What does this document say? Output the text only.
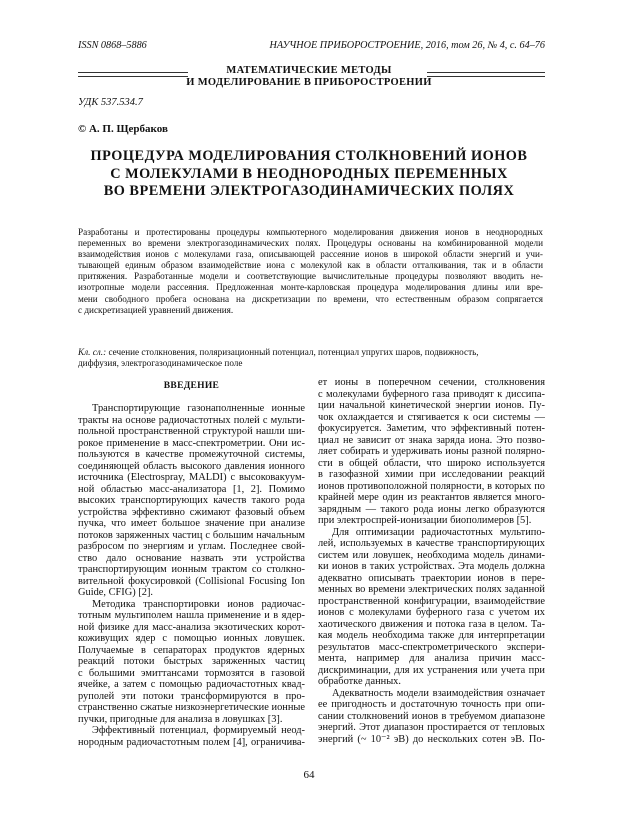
ISSN 0868–5886	НАУЧНОЕ ПРИБОРОСТРОЕНИЕ, 2016, том 26, № 4, c. 64–76
МАТЕМАТИЧЕСКИЕ МЕТОДЫ
И МОДЕЛИРОВАНИЕ В ПРИБОРОСТРОЕНИИ
УДК 537.534.7
© А. П. Щербаков
ПРОЦЕДУРА МОДЕЛИРОВАНИЯ СТОЛКНОВЕНИЙ ИОНОВ
С МОЛЕКУЛАМИ В НЕОДНОРОДНЫХ ПЕРЕМЕННЫХ
ВО ВРЕМЕНИ ЭЛЕКТРОГАЗОДИНАМИЧЕСКИХ ПОЛЯХ
Разработаны и протестированы процедуры компьютерного моделирования движения ионов в неоднородных
переменных во времени электрогазодинамических полях. Процедуры основаны на комбинированной модели
взаимодействия ионов с молекулами газа, описывающей рассеяние ионов в широкой области энергий и учи-
тывающей единым образом взаимодействие иона с молекулой как в области отталкивания, так и в области
притяжения. Разработанные модели и соответствующие вычислительные процедуры позволяют вводить не-
изотропные модели рассеяния. Предложенная монте-карловская процедура моделирования длины или вре-
мени свободного пробега основана на дискретизации по времени, что естественным образом сопрягается
с дискретизацией уравнений движения.
Кл. сл.: сечение столкновения, поляризационный потенциал, потенциал упругих шаров, подвижность,
диффузия, электрогазодинамическое поле
ВВЕДЕНИЕ
Транспортирующие газонаполненные ионные
тракты на основе радиочастотных полей с мульти-
польной пространственной структурой нашли ши-
рокое применение в масс-спектрометрии. Они ис-
пользуются в качестве промежуточной системы,
соединяющей область высокого давления ионного
источника (Electrospray, MALDI) с высоковакуум-
ной областью масс-анализатора [1, 2]. Помимо
высоких транспортирующих качеств такого рода
устройства эффективно сжимают фазовый объем
пучка, что имеет большое значение при анализе
потоков заряженных частиц с большим начальным
разбросом по энергиям и углам. Последнее свой-
ство дало основание назвать эти устройства
транспортирующим ионным трактом со столкно-
вительной фокусировкой (Collisional Focusing Ion
Guide, CFIG) [2].
Методика транспортировки ионов радиочас-
тотным мультиполем нашла применение и в ядер-
ной физике для масс-анализа экзотических корот-
коживущих ядер с помощью ионных ловушек.
Получаемые в сепараторах продуктов ядерных
реакций потоки быстрых заряженных частиц
с большими эмиттансами тормозятся в газовой
ячейке, а затем с помощью радиочастотных квад-
руполей эти потоки трансформируются в про-
странственно сжатые низкоэнергетические ионные
пучки, пригодные для анализа в ловушках [3].
Эффективный потенциал, формируемый неод-
нородным радиочастотным полем [4], ограничива-
ет ионы в поперечном сечении, столкновения
с молекулами буферного газа приводят к диссипа-
ции начальной кинетической энергии ионов. Пу-
чок охлаждается и стягивается к оси системы —
фокусируется. Заметим, что эффективный потен-
циал не зависит от знака заряда иона. Это позво-
ляет собирать и удерживать ионы разной полярно-
сти в общей области, что широко используется
в газофазной химии при исследовании реакций
ионов противоположной полярности, в которых по
крайней мере один из реактантов является много-
зарядным — такого рода ионы легко образуются
при электроспрей-ионизации биополимеров [5].
Для оптимизации радиочастотных мультипо-
лей, используемых в качестве транспортирующих
систем или ловушек, необходима модель динами-
ки ионов в таких устройствах. Эта модель должна
адекватно описывать траектории ионов в пере-
менных во времени электрических полях заданной
пространственной конфигурации, взаимодействие
ионов с молекулами буферного газа с учетом их
хаотического движения и потока газа в целом. Та-
кая модель необходима также для интерпретации
результатов масс-спектрометрического экспери-
мента, например для анализа причин масс-
дискриминации, для их устранения или учета при
обработке данных.
Адекватность модели взаимодействия означает
ее пригодность и достаточную точность при опи-
сании столкновений ионов в требуемом диапазоне
энергий. Этот диапазон простирается от тепловых
энергий (~ 10⁻² эВ) до нескольких сотен эВ. По-
64
